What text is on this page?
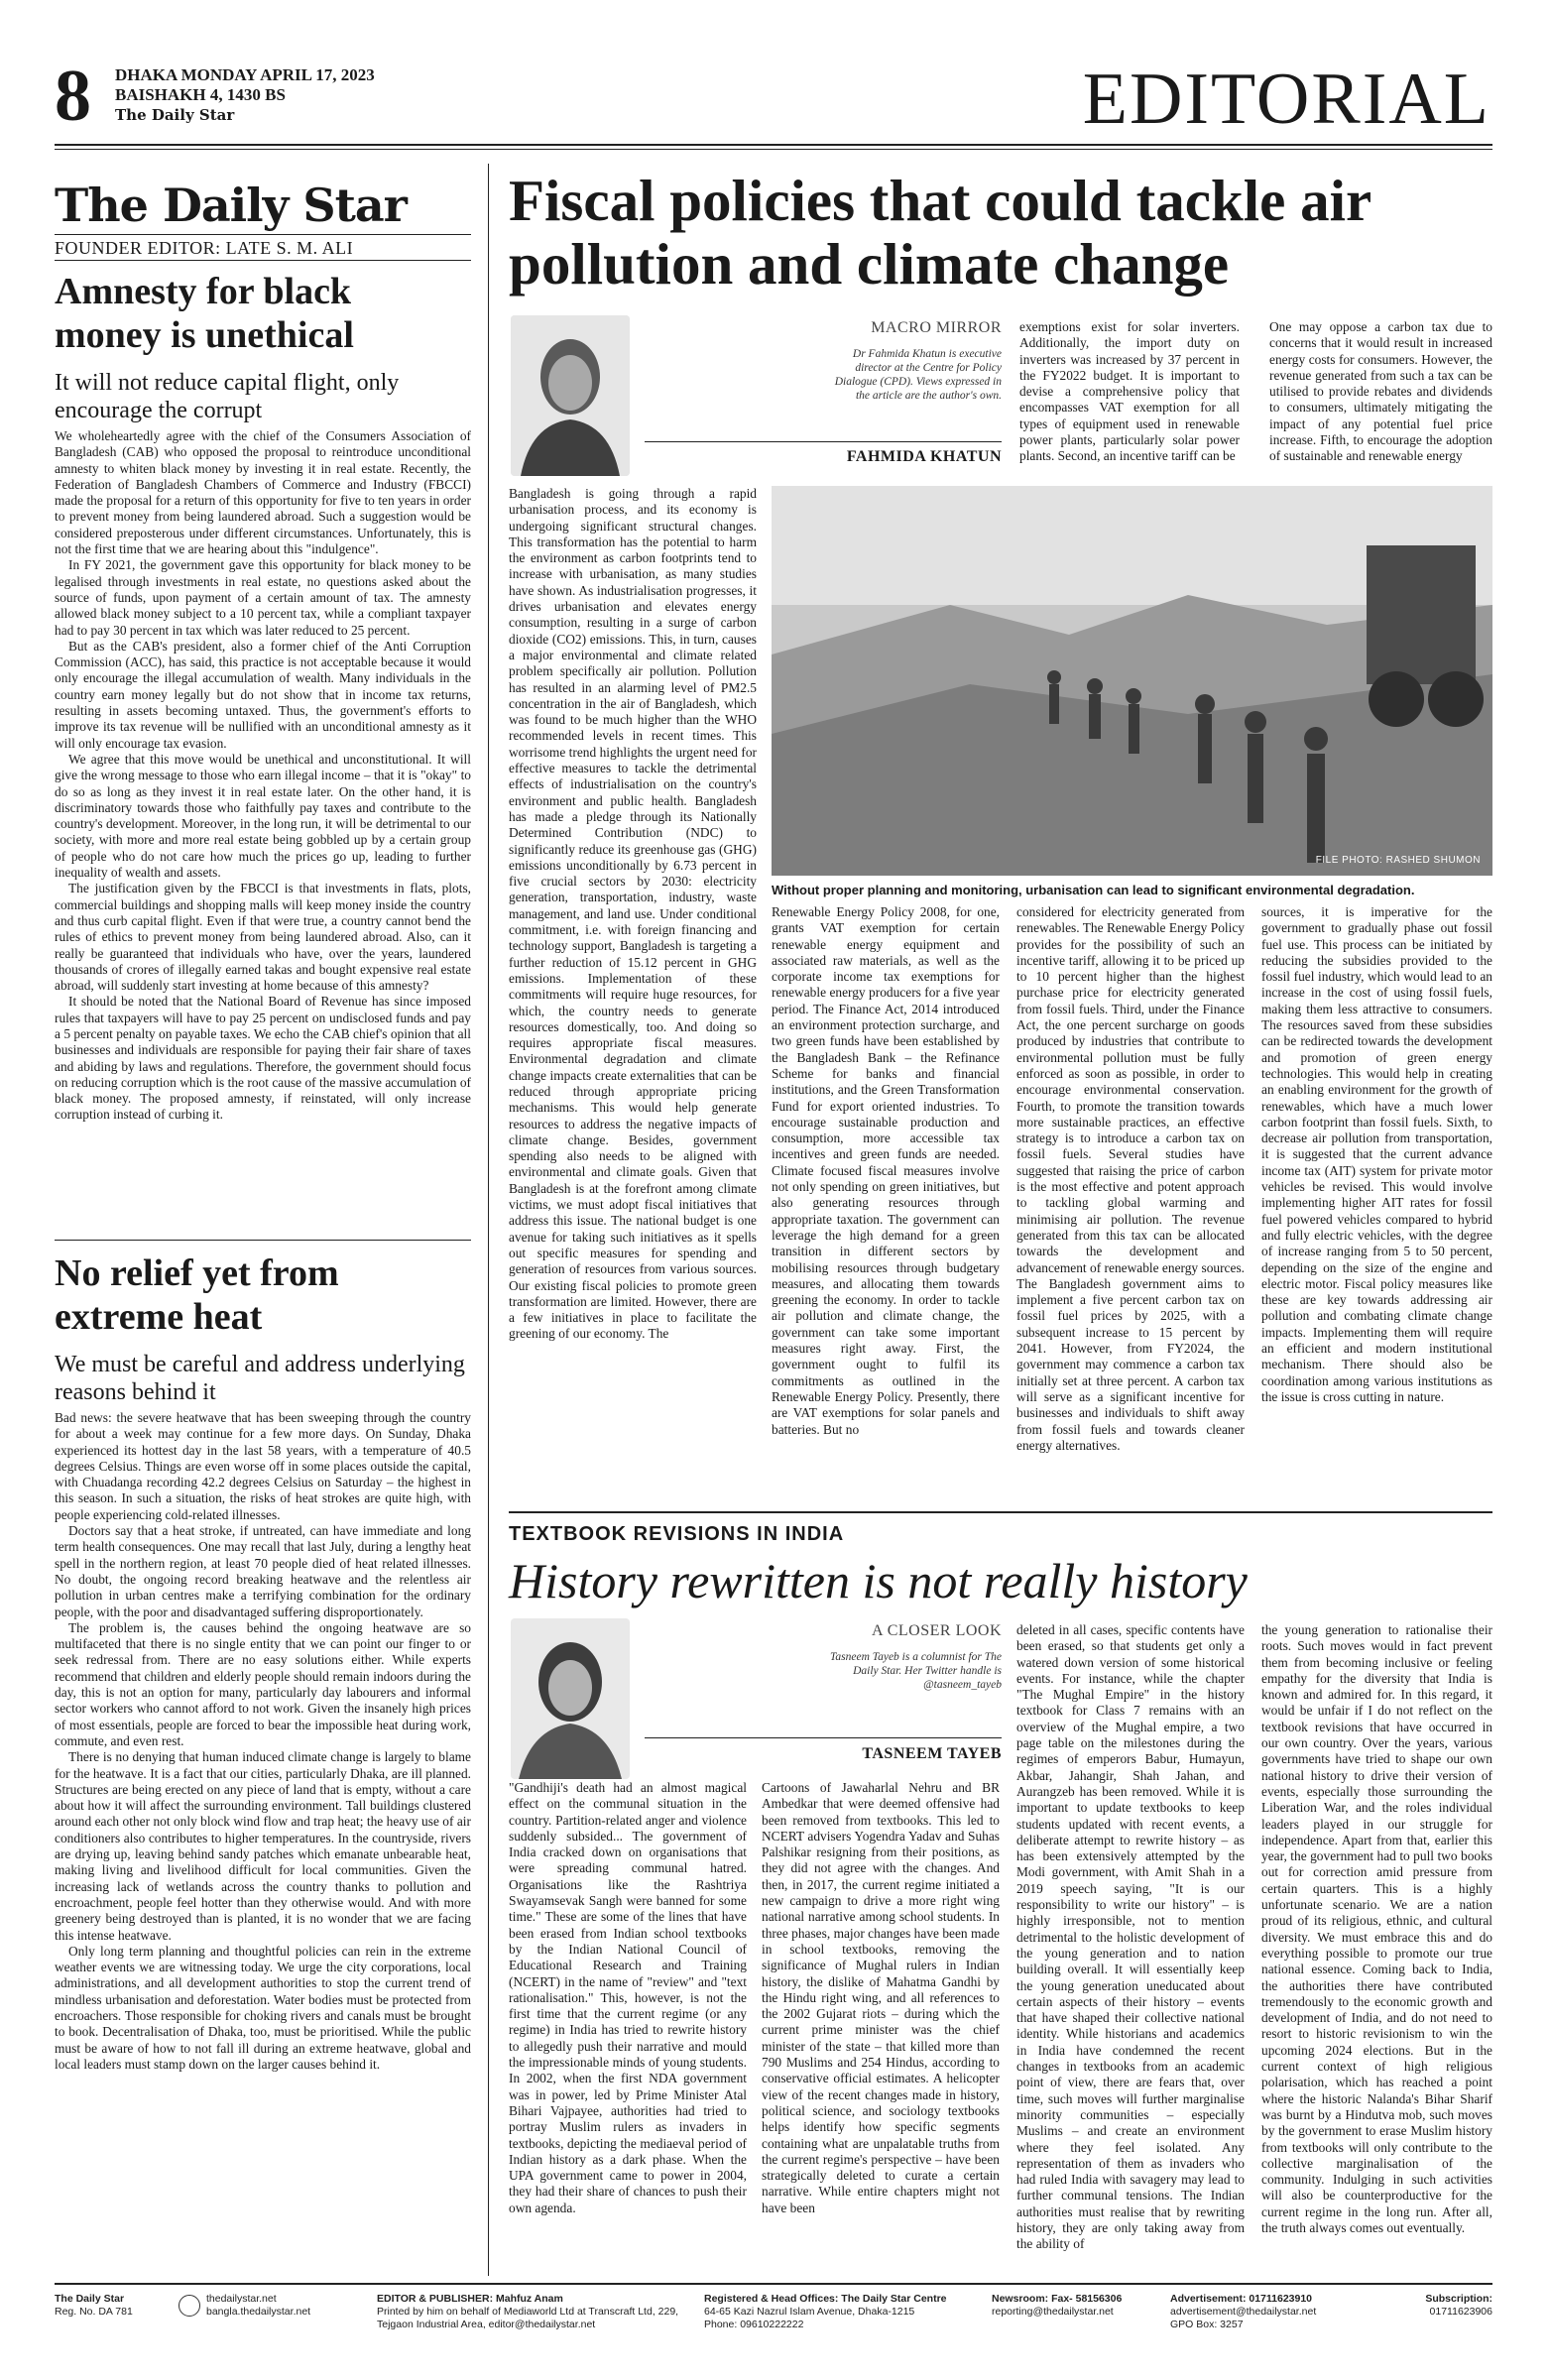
8 DHAKA MONDAY APRIL 17, 2023
BAISHAKH 4, 1430 BS
The Daily Star	EDITORIAL
The Daily Star
FOUNDER EDITOR: LATE S. M. ALI
Amnesty for black money is unethical
It will not reduce capital flight, only encourage the corrupt

We wholeheartedly agree with the chief of the Consumers Association of Bangladesh (CAB) who opposed the proposal to reintroduce unconditional amnesty to whiten black money by investing it in real estate. Recently, the Federation of Bangladesh Chambers of Commerce and Industry (FBCCI) made the proposal for a return of this opportunity for five to ten years in order to prevent money from being laundered abroad. Such a suggestion would be considered preposterous under different circumstances. Unfortunately, this is not the first time that we are hearing about this "indulgence".

In FY 2021, the government gave this opportunity for black money to be legalised through investments in real estate, no questions asked about the source of funds, upon payment of a certain amount of tax. The amnesty allowed black money subject to a 10 percent tax, while a compliant taxpayer had to pay 30 percent in tax which was later reduced to 25 percent.

But as the CAB's president, also a former chief of the Anti Corruption Commission (ACC), has said, this practice is not acceptable because it would only encourage the illegal accumulation of wealth. Many individuals in the country earn money legally but do not show that in income tax returns, resulting in assets becoming untaxed. Thus, the government's efforts to improve its tax revenue will be nullified with an unconditional amnesty as it will only encourage tax evasion.

We agree that this move would be unethical and unconstitutional. It will give the wrong message to those who earn illegal income – that it is "okay" to do so as long as they invest it in real estate later. On the other hand, it is discriminatory towards those who faithfully pay taxes and contribute to the country's development. Moreover, in the long run, it will be detrimental to our society, with more and more real estate being gobbled up by a certain group of people who do not care how much the prices go up, leading to further inequality of wealth and assets.

The justification given by the FBCCI is that investments in flats, plots, commercial buildings and shopping malls will keep money inside the country and thus curb capital flight. Even if that were true, a country cannot bend the rules of ethics to prevent money from being laundered abroad. Also, can it really be guaranteed that individuals who have, over the years, laundered thousands of crores of illegally earned takas and bought expensive real estate abroad, will suddenly start investing at home because of this amnesty?

It should be noted that the National Board of Revenue has since imposed rules that taxpayers will have to pay 25 percent on undisclosed funds and pay a 5 percent penalty on payable taxes. We echo the CAB chief's opinion that all businesses and individuals are responsible for paying their fair share of taxes and abiding by laws and regulations. Therefore, the government should focus on reducing corruption which is the root cause of the massive accumulation of black money. The proposed amnesty, if reinstated, will only increase corruption instead of curbing it.

No relief yet from extreme heat
We must be careful and address underlying reasons behind it

Bad news: the severe heatwave that has been sweeping through the country for about a week may continue for a few more days. On Sunday, Dhaka experienced its hottest day in the last 58 years, with a temperature of 40.5 degrees Celsius. Things are even worse off in some places outside the capital, with Chuadanga recording 42.2 degrees Celsius on Saturday – the highest in this season. In such a situation, the risks of heat strokes are quite high, with people experiencing cold-related illnesses.

Doctors say that a heat stroke, if untreated, can have immediate and long term health consequences. One may recall that last July, during a lengthy heat spell in the northern region, at least 70 people died of heat related illnesses. No doubt, the ongoing record breaking heatwave and the relentless air pollution in urban centres make a terrifying combination for the ordinary people, with the poor and disadvantaged suffering disproportionately.

The problem is, the causes behind the ongoing heatwave are so multifaceted that there is no single entity that we can point our finger to or seek redressal from. There are no easy solutions either. While experts recommend that children and elderly people should remain indoors during the day, this is not an option for many, particularly day labourers and informal sector workers who cannot afford to not work. Given the insanely high prices of most essentials, people are forced to bear the impossible heat during work, commute, and even rest.

There is no denying that human induced climate change is largely to blame for the heatwave. It is a fact that our cities, particularly Dhaka, are ill planned. Structures are being erected on any piece of land that is empty, without a care about how it will affect the surrounding environment. Tall buildings clustered around each other not only block wind flow and trap heat; the heavy use of air conditioners also contributes to higher temperatures. In the countryside, rivers are drying up, leaving behind sandy patches which emanate unbearable heat, making living and livelihood difficult for local communities. Given the increasing lack of wetlands across the country thanks to pollution and encroachment, people feel hotter than they otherwise would. And with more greenery being destroyed than is planted, it is no wonder that we are facing this intense heatwave.

Only long term planning and thoughtful policies can rein in the extreme weather events we are witnessing today. We urge the city corporations, local administrations, and all development authorities to stop the current trend of mindless urbanisation and deforestation. Water bodies must be protected from encroachers. Those responsible for choking rivers and canals must be brought to book. Decentralisation of Dhaka, too, must be prioritised. While the public must be aware of how to not fall ill during an extreme heatwave, global and local leaders must stamp down on the larger causes behind it.

Fiscal policies that could tackle air pollution and climate change
MACRO MIRROR
Dr Fahmida Khatun is executive director at the Centre for Policy Dialogue (CPD). Views expressed in the article are the author's own.
FAHMIDA KHATUN

exemptions exist for solar inverters. Additionally, the import duty on inverters was increased by 37 percent in the FY2022 budget. It is important to devise a comprehensive policy that encompasses VAT exemption for all types of equipment used in renewable power plants, particularly solar power plants. Second, an incentive tariff can be

One may oppose a carbon tax due to concerns that it would result in increased energy costs for consumers. However, the revenue generated from such a tax can be utilised to provide rebates and dividends to consumers, ultimately mitigating the impact of any potential fuel price increase. Fifth, to encourage the adoption of sustainable and renewable energy

Bangladesh is going through a rapid urbanisation process, and its economy is undergoing significant structural changes. This transformation has the potential to harm the environment as carbon footprints tend to increase with urbanisation, as many studies have shown. As industrialisation progresses, it drives urbanisation and elevates energy consumption, resulting in a surge of carbon dioxide (CO2) emissions. This, in turn, causes a major environmental and climate related problem specifically air pollution. Pollution has resulted in an alarming level of PM2.5 concentration in the air of Bangladesh, which was found to be much higher than the WHO recommended levels in recent times. This worrisome trend highlights the urgent need for effective measures to tackle the detrimental effects of industrialisation on the country's environment and public health. Bangladesh has made a pledge through its Nationally Determined Contribution (NDC) to significantly reduce its greenhouse gas (GHG) emissions unconditionally by 6.73 percent in five crucial sectors by 2030: electricity generation, transportation, industry, waste management, and land use. Under conditional commitment, i.e. with foreign financing and technology support, Bangladesh is targeting a further reduction of 15.12 percent in GHG emissions. Implementation of these commitments will require huge resources, for which, the country needs to generate resources domestically, too. And doing so requires appropriate fiscal measures. Environmental degradation and climate change impacts create externalities that can be reduced through appropriate pricing mechanisms. This would help generate resources to address the negative impacts of climate change. Besides, government spending also needs to be aligned with environmental and climate goals. Given that Bangladesh is at the forefront among climate victims, we must adopt fiscal initiatives that address this issue. The national budget is one avenue for taking such initiatives as it spells out specific measures for spending and generation of resources from various sources. Our existing fiscal policies to promote green transformation are limited. However, there are a few initiatives in place to facilitate the greening of our economy. The

FILE PHOTO: RASHED SHUMON
Without proper planning and monitoring, urbanisation can lead to significant environmental degradation.

Renewable Energy Policy 2008, for one, grants VAT exemption for certain renewable energy equipment and associated raw materials, as well as the corporate income tax exemptions for renewable energy producers for a five year period. The Finance Act, 2014 introduced an environment protection surcharge, and two green funds have been established by the Bangladesh Bank – the Refinance Scheme for banks and financial institutions, and the Green Transformation Fund for export oriented industries. To encourage sustainable production and consumption, more accessible tax incentives and green funds are needed. Climate focused fiscal measures involve not only spending on green initiatives, but also generating resources through appropriate taxation. The government can leverage the high demand for a green transition in different sectors by mobilising resources through budgetary measures, and allocating them towards greening the economy. In order to tackle air pollution and climate change, the government can take some important measures right away. First, the government ought to fulfil its commitments as outlined in the Renewable Energy Policy. Presently, there are VAT exemptions for solar panels and batteries. But no

considered for electricity generated from renewables. The Renewable Energy Policy provides for the possibility of such an incentive tariff, allowing it to be priced up to 10 percent higher than the highest purchase price for electricity generated from fossil fuels. Third, under the Finance Act, the one percent surcharge on goods produced by industries that contribute to environmental pollution must be fully enforced as soon as possible, in order to encourage environmental conservation. Fourth, to promote the transition towards more sustainable practices, an effective strategy is to introduce a carbon tax on fossil fuels. Several studies have suggested that raising the price of carbon is the most effective and potent approach to tackling global warming and minimising air pollution. The revenue generated from this tax can be allocated towards the development and advancement of renewable energy sources. The Bangladesh government aims to implement a five percent carbon tax on fossil fuel prices by 2025, with a subsequent increase to 15 percent by 2041. However, from FY2024, the government may commence a carbon tax initially set at three percent. A carbon tax will serve as a significant incentive for businesses and individuals to shift away from fossil fuels and towards cleaner energy alternatives.

sources, it is imperative for the government to gradually phase out fossil fuel use. This process can be initiated by reducing the subsidies provided to the fossil fuel industry, which would lead to an increase in the cost of using fossil fuels, making them less attractive to consumers. The resources saved from these subsidies can be redirected towards the development and promotion of green energy technologies. This would help in creating an enabling environment for the growth of renewables, which have a much lower carbon footprint than fossil fuels. Sixth, to decrease air pollution from transportation, it is suggested that the current advance income tax (AIT) system for private motor vehicles be revised. This would involve implementing higher AIT rates for fossil fuel powered vehicles compared to hybrid and fully electric vehicles, with the degree of increase ranging from 5 to 50 percent, depending on the size of the engine and electric motor. Fiscal policy measures like these are key towards addressing air pollution and combating climate change impacts. Implementing them will require an efficient and modern institutional mechanism. There should also be coordination among various institutions as the issue is cross cutting in nature.

TEXTBOOK REVISIONS IN INDIA
History rewritten is not really history
A CLOSER LOOK
Tasneem Tayeb is a columnist for The Daily Star. Her Twitter handle is @tasneem_tayeb
TASNEEM TAYEB

"Gandhiji's death had an almost magical effect on the communal situation in the country. Partition-related anger and violence suddenly subsided... The government of India cracked down on organisations that were spreading communal hatred. Organisations like the Rashtriya Swayamsevak Sangh were banned for some time." These are some of the lines that have been erased from Indian school textbooks by the Indian National Council of Educational Research and Training (NCERT) in the name of "review" and "text rationalisation." This, however, is not the first time that the current regime (or any regime) in India has tried to rewrite history to allegedly push their narrative and mould the impressionable minds of young students. In 2002, when the first NDA government was in power, led by Prime Minister Atal Bihari Vajpayee, authorities had tried to portray Muslim rulers as invaders in textbooks, depicting the mediaeval period of Indian history as a dark phase. When the UPA government came to power in 2004, they had their share of chances to push their own agenda.

Cartoons of Jawaharlal Nehru and BR Ambedkar that were deemed offensive had been removed from textbooks. This led to NCERT advisers Yogendra Yadav and Suhas Palshikar resigning from their positions, as they did not agree with the changes. And then, in 2017, the current regime initiated a new campaign to drive a more right wing national narrative among school students. In three phases, major changes have been made in school textbooks, removing the significance of Mughal rulers in Indian history, the dislike of Mahatma Gandhi by the Hindu right wing, and all references to the 2002 Gujarat riots – during which the current prime minister was the chief minister of the state – that killed more than 790 Muslims and 254 Hindus, according to conservative official estimates. A helicopter view of the recent changes made in history, political science, and sociology textbooks helps identify how specific segments containing what are unpalatable truths from the current regime's perspective – have been strategically deleted to curate a certain narrative. While entire chapters might not have been

deleted in all cases, specific contents have been erased, so that students get only a watered down version of some historical events. For instance, while the chapter "The Mughal Empire" in the history textbook for Class 7 remains with an overview of the Mughal empire, a two page table on the milestones during the regimes of emperors Babur, Humayun, Akbar, Jahangir, Shah Jahan, and Aurangzeb has been removed. While it is important to update textbooks to keep students updated with recent events, a deliberate attempt to rewrite history – as has been extensively attempted by the Modi government, with Amit Shah in a 2019 speech saying, "It is our responsibility to write our history" – is highly irresponsible, not to mention detrimental to the holistic development of the young generation and to nation building overall. It will essentially keep the young generation uneducated about certain aspects of their history – events that have shaped their collective national identity. While historians and academics in India have condemned the recent changes in textbooks from an academic point of view, there are fears that, over time, such moves will further marginalise minority communities – especially Muslims – and create an environment where they feel isolated. Any representation of them as invaders who had ruled India with savagery may lead to further communal tensions. The Indian authorities must realise that by rewriting history, they are only taking away from the ability of

the young generation to rationalise their roots. Such moves would in fact prevent them from becoming inclusive or feeling empathy for the diversity that India is known and admired for. In this regard, it would be unfair if I do not reflect on the textbook revisions that have occurred in our own country. Over the years, various governments have tried to shape our own national history to drive their version of events, especially those surrounding the Liberation War, and the roles individual leaders played in our struggle for independence. Apart from that, earlier this year, the government had to pull two books out for correction amid pressure from certain quarters. This is a highly unfortunate scenario. We are a nation proud of its religious, ethnic, and cultural diversity. We must embrace this and do everything possible to promote our true national essence. Coming back to India, the authorities there have contributed tremendously to the economic growth and development of India, and do not need to resort to historic revisionism to win the upcoming 2024 elections. But in the current context of high religious polarisation, which has reached a point where the historic Nalanda's Bihar Sharif was burnt by a Hindutva mob, such moves by the government to erase Muslim history from textbooks will only contribute to the collective marginalisation of the community. Indulging in such activities will also be counterproductive for the current regime in the long run. After all, the truth always comes out eventually.

The Daily Star
Reg. No. DA 781
thedailystar.net
bangla.thedailystar.net
EDITOR & PUBLISHER: Mahfuz Anam
Printed by him on behalf of Mediaworld Ltd at Transcraft Ltd, 229,
Tejgaon Industrial Area, editor@thedailystar.net
Registered & Head Offices: The Daily Star Centre
64-65 Kazi Nazrul Islam Avenue, Dhaka-1215
Phone: 09610222222
Newsroom: Fax- 58156306
reporting@thedailystar.net
Advertisement: 01711623910
advertisement@thedailystar.net
GPO Box: 3257
Subscription:
01711623906
